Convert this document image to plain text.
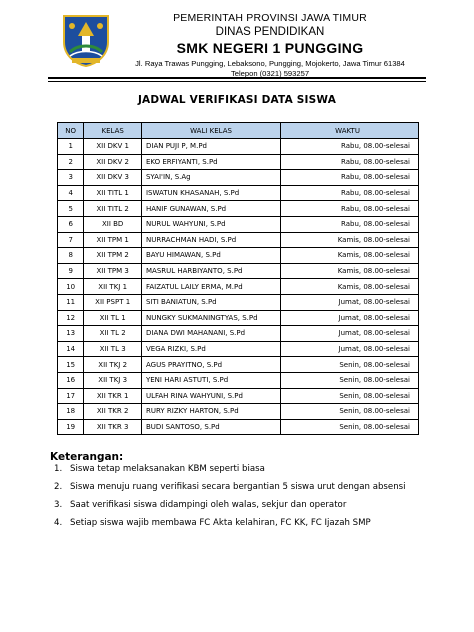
PEMERINTAH PROVINSI JAWA TIMUR
DINAS PENDIDIKAN
SMK NEGERI 1 PUNGGING
Jl. Raya Trawas Pungging, Lebaksono, Pungging, Mojokerto, Jawa Timur 61384
Telepon (0321) 593257
JADWAL VERIFIKASI DATA SISWA
NO	KELAS	WALI KELAS	WAKTU
1	XII DKV 1	DIAN PUJI P, M.Pd	Rabu, 08.00-selesai
2	XII DKV 2	EKO ERFIYANTI, S.Pd	Rabu, 08.00-selesai
3	XII DKV 3	SYAI'IN, S.Ag	Rabu, 08.00-selesai
4	XII TITL 1	ISWATUN KHASANAH, S.Pd	Rabu, 08.00-selesai
5	XII TITL 2	HANIF GUNAWAN, S.Pd	Rabu, 08.00-selesai
6	XII BD	NURUL WAHYUNI, S.Pd	Rabu, 08.00-selesai
7	XII TPM 1	NURRACHMAN HADI, S.Pd	Kamis, 08.00-selesai
8	XII TPM 2	BAYU HIMAWAN, S.Pd	Kamis, 08.00-selesai
9	XII TPM 3	MASRUL HARBIYANTO, S.Pd	Kamis, 08.00-selesai
10	XII TKJ 1	FAIZATUL LAILY ERMA, M.Pd	Kamis, 08.00-selesai
11	XII PSPT 1	SITI BANIATUN, S.Pd	Jumat, 08.00-selesai
12	XII TL 1	NUNGKY SUKMANINGTYAS, S.Pd	Jumat, 08.00-selesai
13	XII TL 2	DIANA DWI MAHANANI, S.Pd	Jumat, 08.00-selesai
14	XII TL 3	VEGA RIZKI, S.Pd	Jumat, 08.00-selesai
15	XII TKJ 2	AGUS PRAYITNO, S.Pd	Senin, 08.00-selesai
16	XII TKJ 3	YENI HARI ASTUTI, S.Pd	Senin, 08.00-selesai
17	XII TKR 1	ULFAH RINA WAHYUNI, S.Pd	Senin, 08.00-selesai
18	XII TKR 2	RURY RIZKY HARTON, S.Pd	Senin, 08.00-selesai
19	XII TKR 3	BUDI SANTOSO, S.Pd	Senin, 08.00-selesai
Keterangan:
1. Siswa tetap melaksanakan KBM seperti biasa
2. Siswa menuju ruang verifikasi secara bergantian 5 siswa urut dengan absensi
3. Saat verifikasi siswa didampingi oleh walas, sekjur dan operator
4. Setiap siswa wajib membawa FC Akta kelahiran, FC KK, FC Ijazah SMP
